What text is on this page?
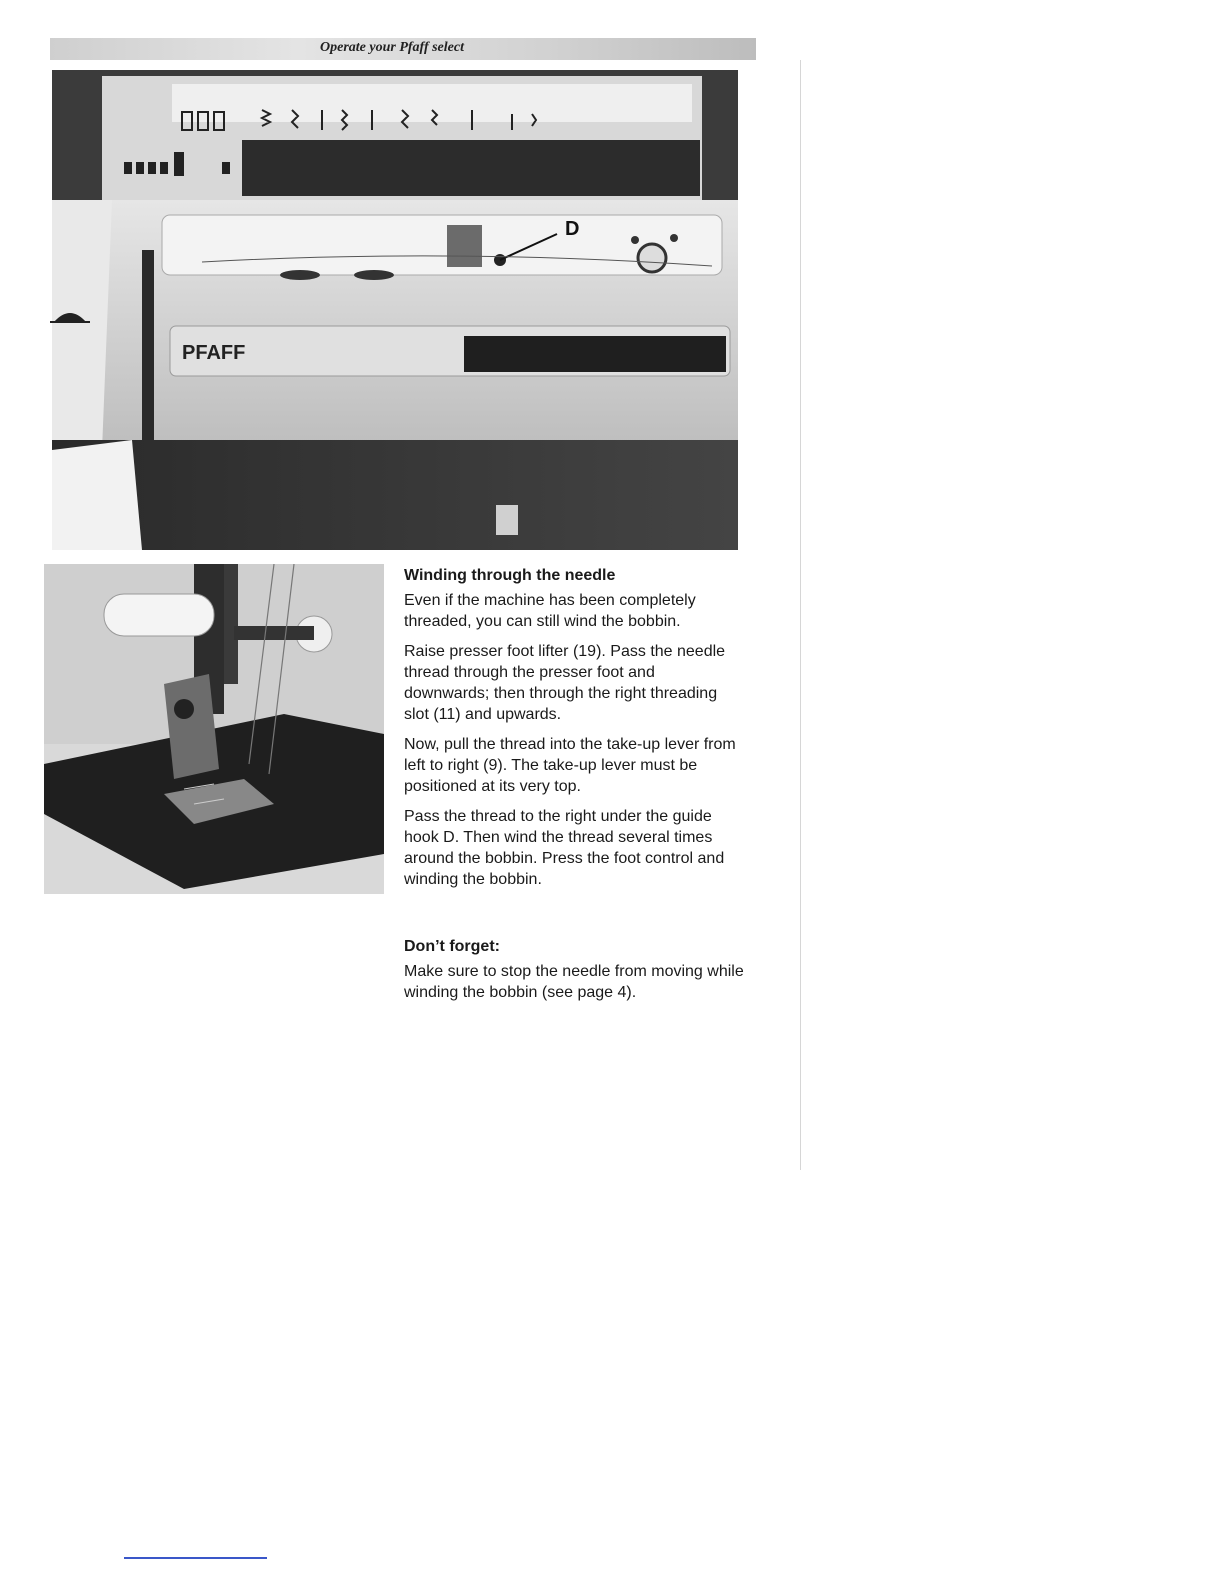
Operate your Pfaff select
PFAFF
D
Winding through the needle

Even if the machine has been completely threaded, you can still wind the bobbin.

Raise presser foot lifter (19). Pass the needle thread through the presser foot and downwards; then through the right threading slot (11) and upwards.

Now, pull the thread into the take-up lever from left to right (9). The take-up lever must be positioned at its very top.

Pass the thread to the right under the guide hook D. Then wind the thread several times around the bobbin. Press the foot control and winding the bobbin.

Don’t forget:

Make sure to stop the needle from moving while winding the bobbin (see page 4).
